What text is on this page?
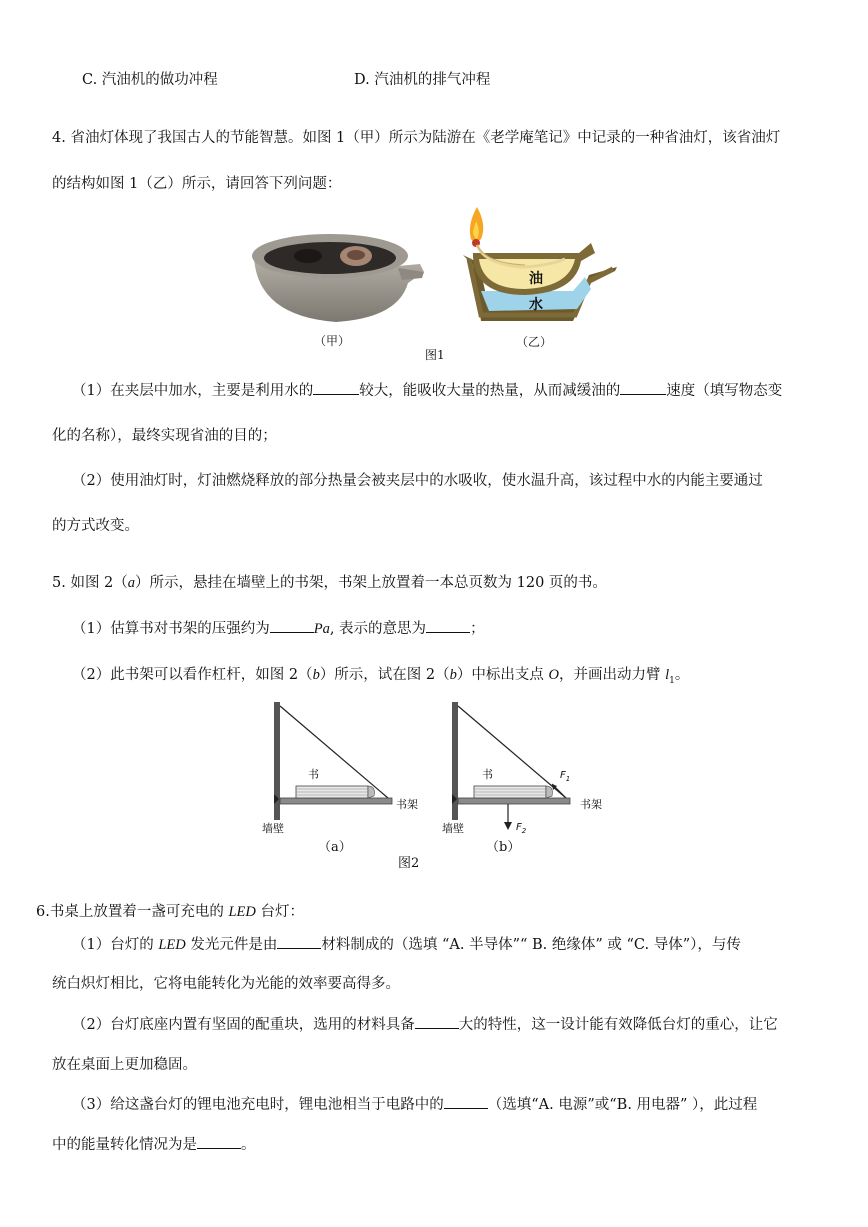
C. 汽油机的做功冲程	D. 汽油机的排气冲程
4. 省油灯体现了我国古人的节能智慧。如图 1（甲）所示为陆游在《老学庵笔记》中记录的一种省油灯，该省油灯
的结构如图 1（乙）所示，请回答下列问题：
（甲）
油
水
（乙）
图1
（1）在夹层中加水，主要是利用水的	较大，能吸收大量的热量，从而减缓油的	速度（填写物态变
化的名称），最终实现省油的目的；
（2）使用油灯时，灯油燃烧释放的部分热量会被夹层中的水吸收，使水温升高，该过程中水的内能主要通过
的方式改变。
5. 如图 2（a）所示，悬挂在墙壁上的书架，书架上放置着一本总页数为 120 页的书。
（1）估算书对书架的压强约为	Pa, 表示的意思为	；
（2）此书架可以看作杠杆，如图 2（b）所示，试在图 2（b）中标出支点 O，并画出动力臂 $l_1$。
书
书架
墙壁
书
书架
墙壁
$F_1$
$F_2$
（a）	（b）
图2
6.书桌上放置着一盏可充电的 LED 台灯：
（1）台灯的 LED 发光元件是由	材料制成的（选填 “A. 半导体”“ B. 绝缘体” 或 “C. 导体”），与传
统白炽灯相比，它将电能转化为光能的效率要高得多。
（2）台灯底座内置有坚固的配重块，选用的材料具备	大的特性，这一设计能有效降低台灯的重心，让它
放在桌面上更加稳固。
（3）给这盏台灯的锂电池充电时，锂电池相当于电路中的	（选填“A. 电源”或“B. 用电器” ），此过程
中的能量转化情况为是	。
